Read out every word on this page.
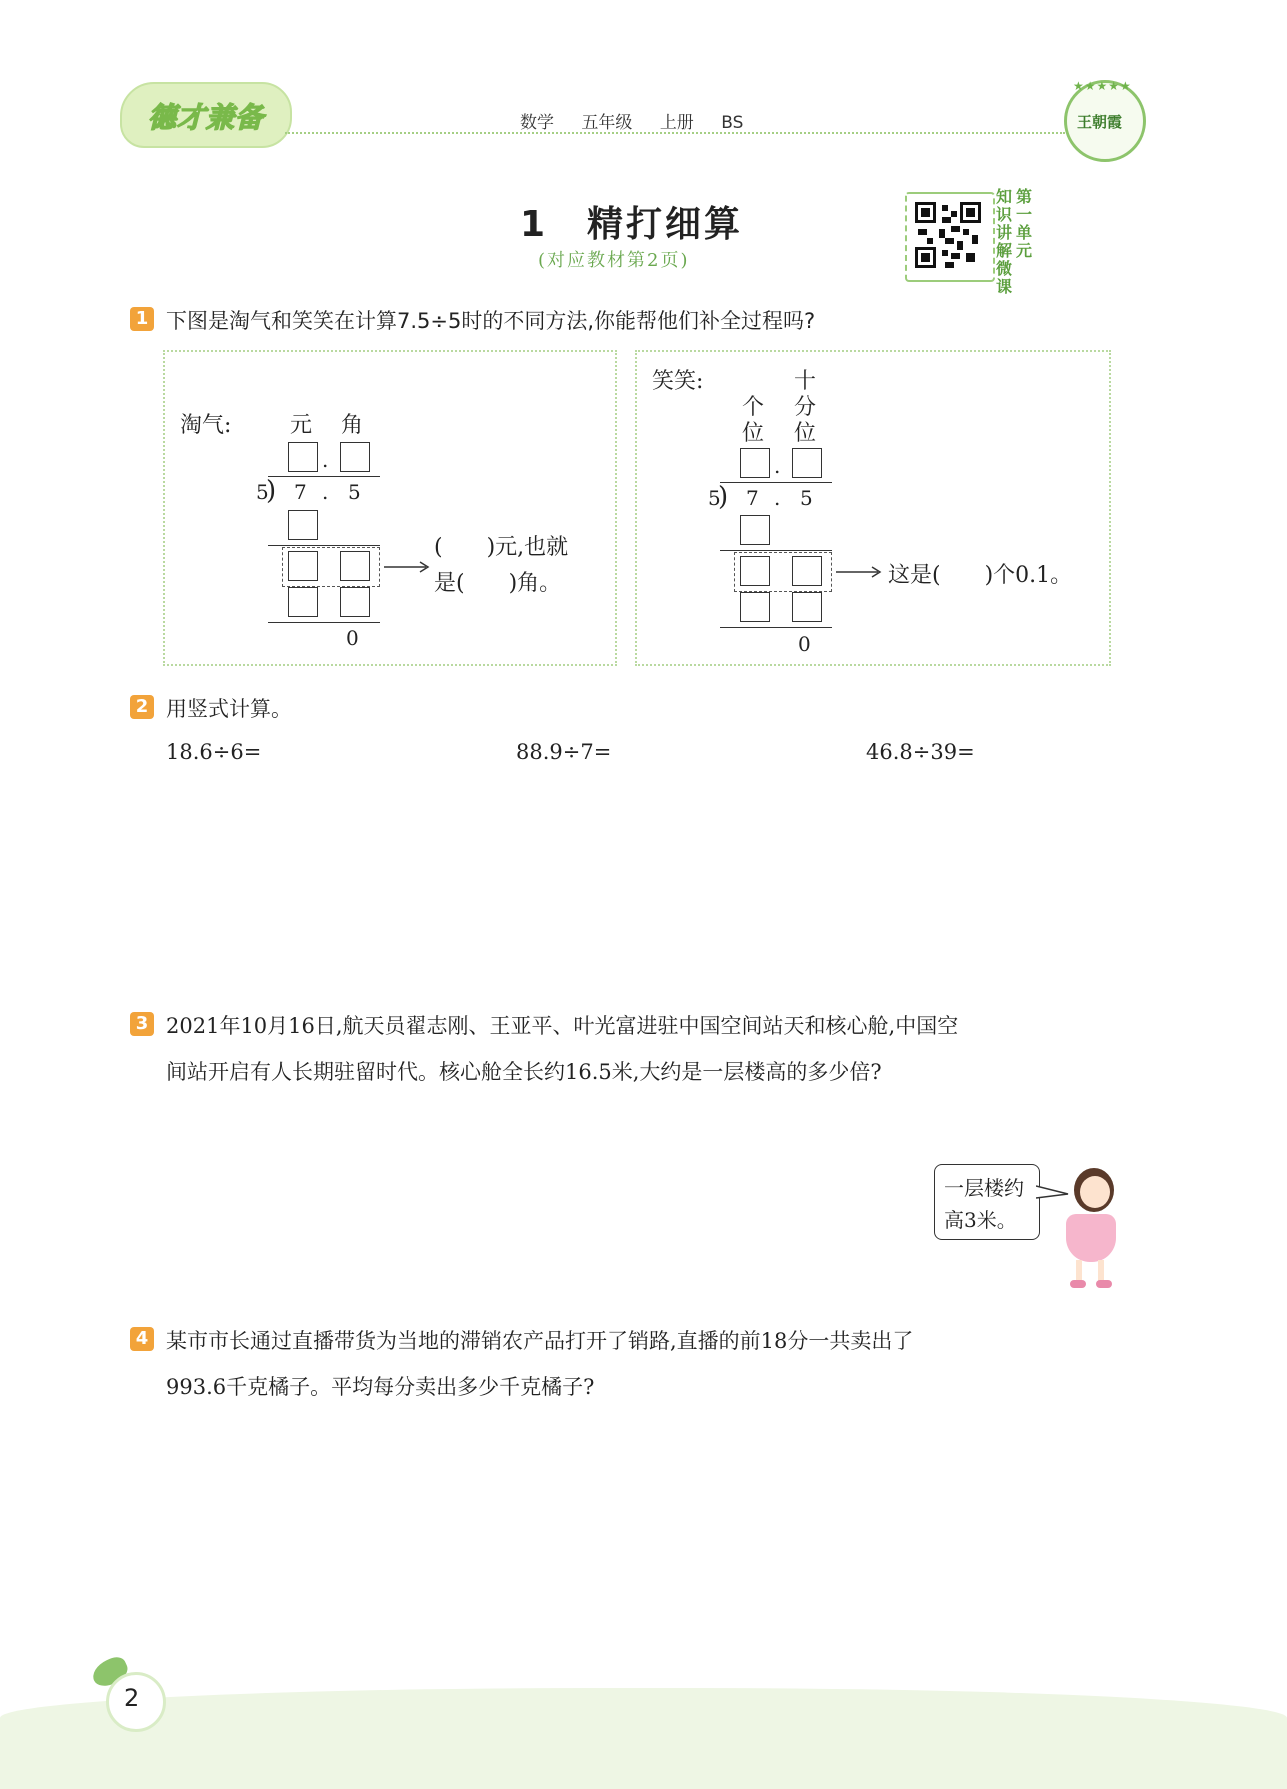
德才兼备	数学 五年级 上册 BS
★★★★★
王朝霞
1　精打细算
(对应教材第2页)
第
一
单
元
知
识
讲
解
微
课
1 下图是淘气和笑笑在计算7.5÷5时的不同方法,你能帮他们补全过程吗?
淘气:	元 角
.
5
) 7 . 5
(　　)元,也就
是(　　)角。
0
笑笑:	十
个 分
位 位
.
5
) 7 . 5
这是(　　)个0.1。
0
2 用竖式计算。
18.6÷6=	88.9÷7=	46.8÷39=
3 2021年10月16日,航天员翟志刚、王亚平、叶光富进驻中国空间站天和核心舱,中国空
间站开启有人长期驻留时代。核心舱全长约16.5米,大约是一层楼高的多少倍?
一层楼约
高3米。
4 某市市长通过直播带货为当地的滞销农产品打开了销路,直播的前18分一共卖出了
993.6千克橘子。平均每分卖出多少千克橘子?
2
